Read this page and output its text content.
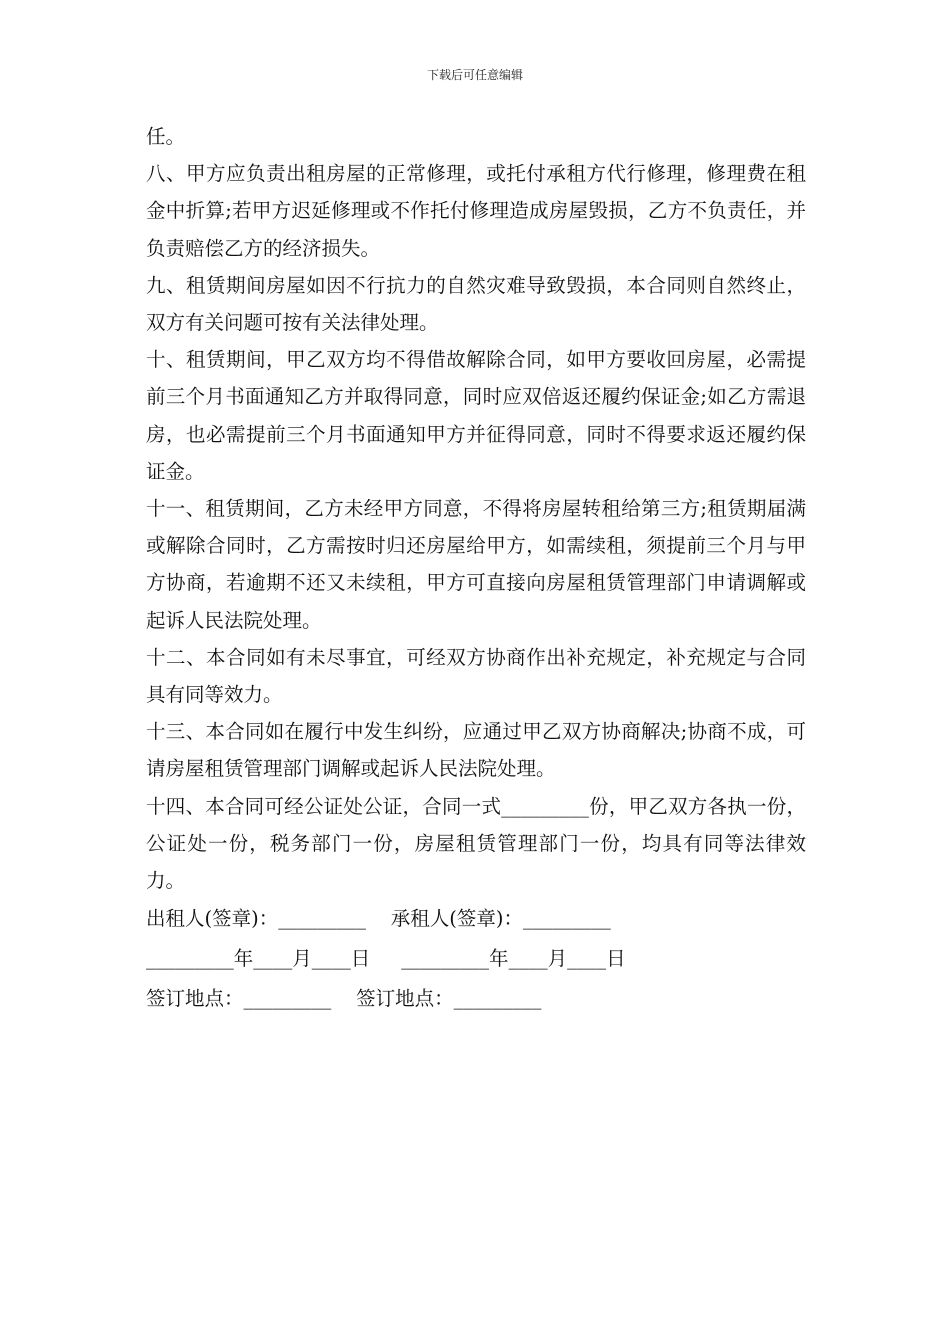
下载后可任意编辑

任。

八、甲方应负责出租房屋的正常修理，或托付承租方代行修理，修理费在租金中折算;若甲方迟延修理或不作托付修理造成房屋毁损，乙方不负责任，并负责赔偿乙方的经济损失。

九、租赁期间房屋如因不行抗力的自然灾难导致毁损，本合同则自然终止，双方有关问题可按有关法律处理。

十、租赁期间，甲乙双方均不得借故解除合同，如甲方要收回房屋，必需提前三个月书面通知乙方并取得同意，同时应双倍返还履约保证金;如乙方需退房，也必需提前三个月书面通知甲方并征得同意，同时不得要求返还履约保证金。

十一、租赁期间，乙方未经甲方同意，不得将房屋转租给第三方;租赁期届满或解除合同时，乙方需按时归还房屋给甲方，如需续租，须提前三个月与甲方协商，若逾期不还又未续租，甲方可直接向房屋租赁管理部门申请调解或起诉人民法院处理。

十二、本合同如有未尽事宜，可经双方协商作出补充规定，补充规定与合同具有同等效力。

十三、本合同如在履行中发生纠纷，应通过甲乙双方协商解决;协商不成，可请房屋租赁管理部门调解或起诉人民法院处理。

十四、本合同可经公证处公证，合同一式_________份，甲乙双方各执一份，公证处一份，税务部门一份，房屋租赁管理部门一份，均具有同等法律效力。

出租人(签章)：_________ 承租人(签章)：_________

_________年____月____日 _________年____月____日

签订地点：_________ 签订地点：_________
